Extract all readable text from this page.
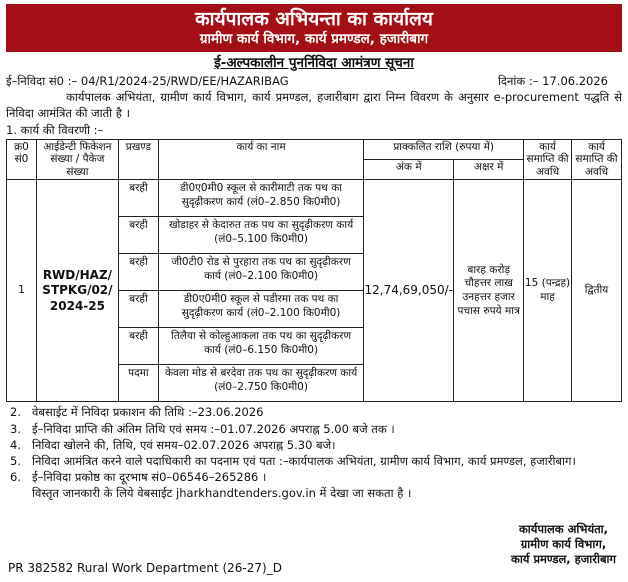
कार्यपालक अभियन्ता का कार्यालय
ग्रामीण कार्य विभाग, कार्य प्रमण्डल, हजारीबाग
ई-अल्पकालीन पुनर्निविदा आमंत्रण सूचना
ई–निविदा सं0 :– 04/R1/2024-25/RWD/EE/HAZARIBAG	दिनांक :– 17.06.2026
कार्यपालक अभियंता, ग्रामीण कार्य विभाग, कार्य प्रमण्डल, हजारीबाग द्वारा निम्न विवरण के अनुसार e-procurement पद्धति से निविदा आमंत्रित की जाती है ।
1. कार्य की विवरणी :–
क्र0 सं0	आईडेन्टी फिकेशन संख्या / पैकेज संख्या	प्रखण्ड	कार्य का नाम	प्राक्कलित राशि (रुपया में)		कार्य समाप्ति की अवधि	कार्य समाप्ति की अवधि
				अंक में	अक्षर में		
1	RWD/HAZ/ STPKG/02/ 2024-25	बरही	डी0ए0मी0 स्कूल से कारीमाटी तक पथ का सुदृढ़ीकरण कार्य (लं0–2.850 कि0मी0)	12,74,69,050/-	बारह करोड़ चौहत्तर लाख उनहत्तर हजार पचास रुपये मात्र	15 (पन्द्रह) माह	द्वितीय
		बरही	खोडाहर से केदारुत तक पथ का सुदृढ़ीकरण कार्य (लं0–5.100 कि0मी0)				
		बरही	जी0टी0 रोड से पुरहारा तक पथ का सुदृढ़ीकरण कार्य (लं0–2.100 कि0मी0)				
		बरही	डी0ए0मी0 स्कूल से पडीरमा तक पथ का सुदृढ़ीकरण कार्य (लं0–2.100 कि0मी0)				
		बरही	तिलैया से कोल्हुआकला तक पथ का सुदृढ़ीकरण कार्य (लं0–6.150 कि0मी0)				
		पदमा	केवला मोड से बरदेवा तक पथ का सुदृढ़ीकरण कार्य (लं0–2.750 कि0मी0)				
2. वेबसाईट में निविदा प्रकाशन की तिथि :–23.06.2026
3. ई–निविदा प्राप्ति की अंतिम तिथि एवं समय :–01.07.2026 अपराह्न 5.00 बजे तक ।
4. निविदा खोलने की, तिथि, एवं समय–02.07.2026 अपराह्न 5.30 बजे।
5. निविदा आमंत्रित करने वाले पदाधिकारी का पदनाम एवं पता :–कार्यपालक अभियंता, ग्रामीण कार्य विभाग, कार्य प्रमण्डल, हजारीबाग।
6. ई–निविदा प्रकोष्ठ का दूरभाष सं0–06546–265286 ।
विस्तृत जानकारी के लिये वेबसाईट jharkhandtenders.gov.in में देखा जा सकता है ।
कार्यपालक अभियंता,
ग्रामीण कार्य विभाग,
कार्य प्रमण्डल, हजारीबाग
PR 382582 Rural Work Department (26-27)_D
